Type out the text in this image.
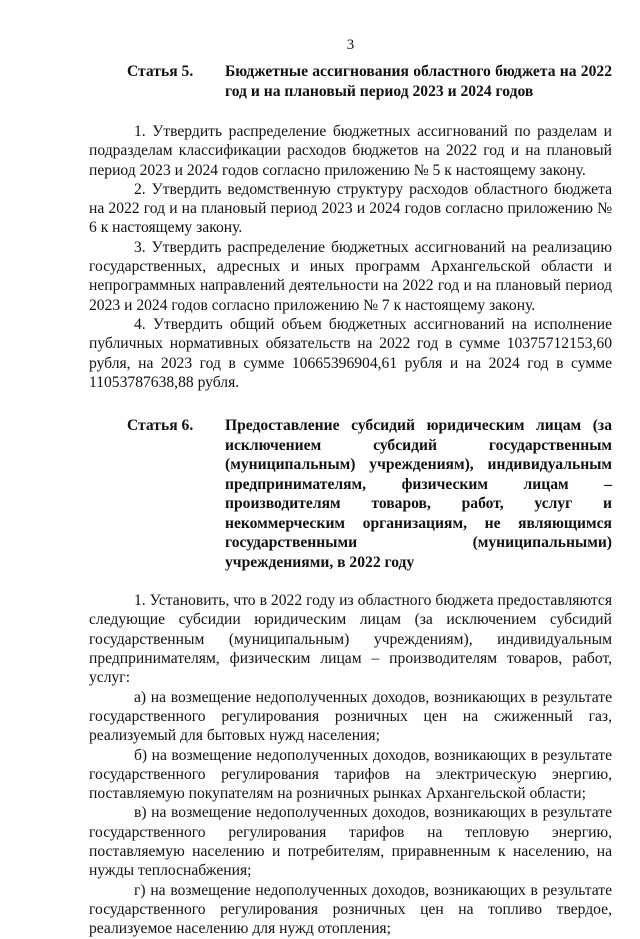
3
Статья 5.	Бюджетные ассигнования областного бюджета на 2022 год и на плановый период 2023 и 2024 годов

1. Утвердить распределение бюджетных ассигнований по разделам и подразделам классификации расходов бюджетов на 2022 год и на плановый период 2023 и 2024 годов согласно приложению № 5 к настоящему закону.

2. Утвердить ведомственную структуру расходов областного бюджета на 2022 год и на плановый период 2023 и 2024 годов согласно приложению № 6 к настоящему закону.

3. Утвердить распределение бюджетных ассигнований на реализацию государственных, адресных и иных программ Архангельской области и непрограммных направлений деятельности на 2022 год и на плановый период 2023 и 2024 годов согласно приложению № 7 к настоящему закону.

4. Утвердить общий объем бюджетных ассигнований на исполнение публичных нормативных обязательств на 2022 год в сумме 10375712153,60 рубля, на 2023 год в сумме 10665396904,61 рубля и на 2024 год в сумме 11053787638,88 рубля.

Статья 6.	Предоставление субсидий юридическим лицам (за исключением субсидий государственным (муниципальным) учреждениям), индивидуальным предпринимателям, физическим лицам – производителям товаров, работ, услуг и некоммерческим организациям, не являющимся государственными (муниципальными) учреждениями, в 2022 году

1. Установить, что в 2022 году из областного бюджета предоставляются следующие субсидии юридическим лицам (за исключением субсидий государственным (муниципальным) учреждениям), индивидуальным предпринимателям, физическим лицам – производителям товаров, работ, услуг:

а) на возмещение недополученных доходов, возникающих в результате государственного регулирования розничных цен на сжиженный газ, реализуемый для бытовых нужд населения;

б) на возмещение недополученных доходов, возникающих в результате государственного регулирования тарифов на электрическую энергию, поставляемую покупателям на розничных рынках Архангельской области;

в) на возмещение недополученных доходов, возникающих в результате государственного регулирования тарифов на тепловую энергию, поставляемую населению и потребителям, приравненным к населению, на нужды теплоснабжения;

г) на возмещение недополученных доходов, возникающих в результате государственного регулирования розничных цен на топливо твердое, реализуемое населению для нужд отопления;
